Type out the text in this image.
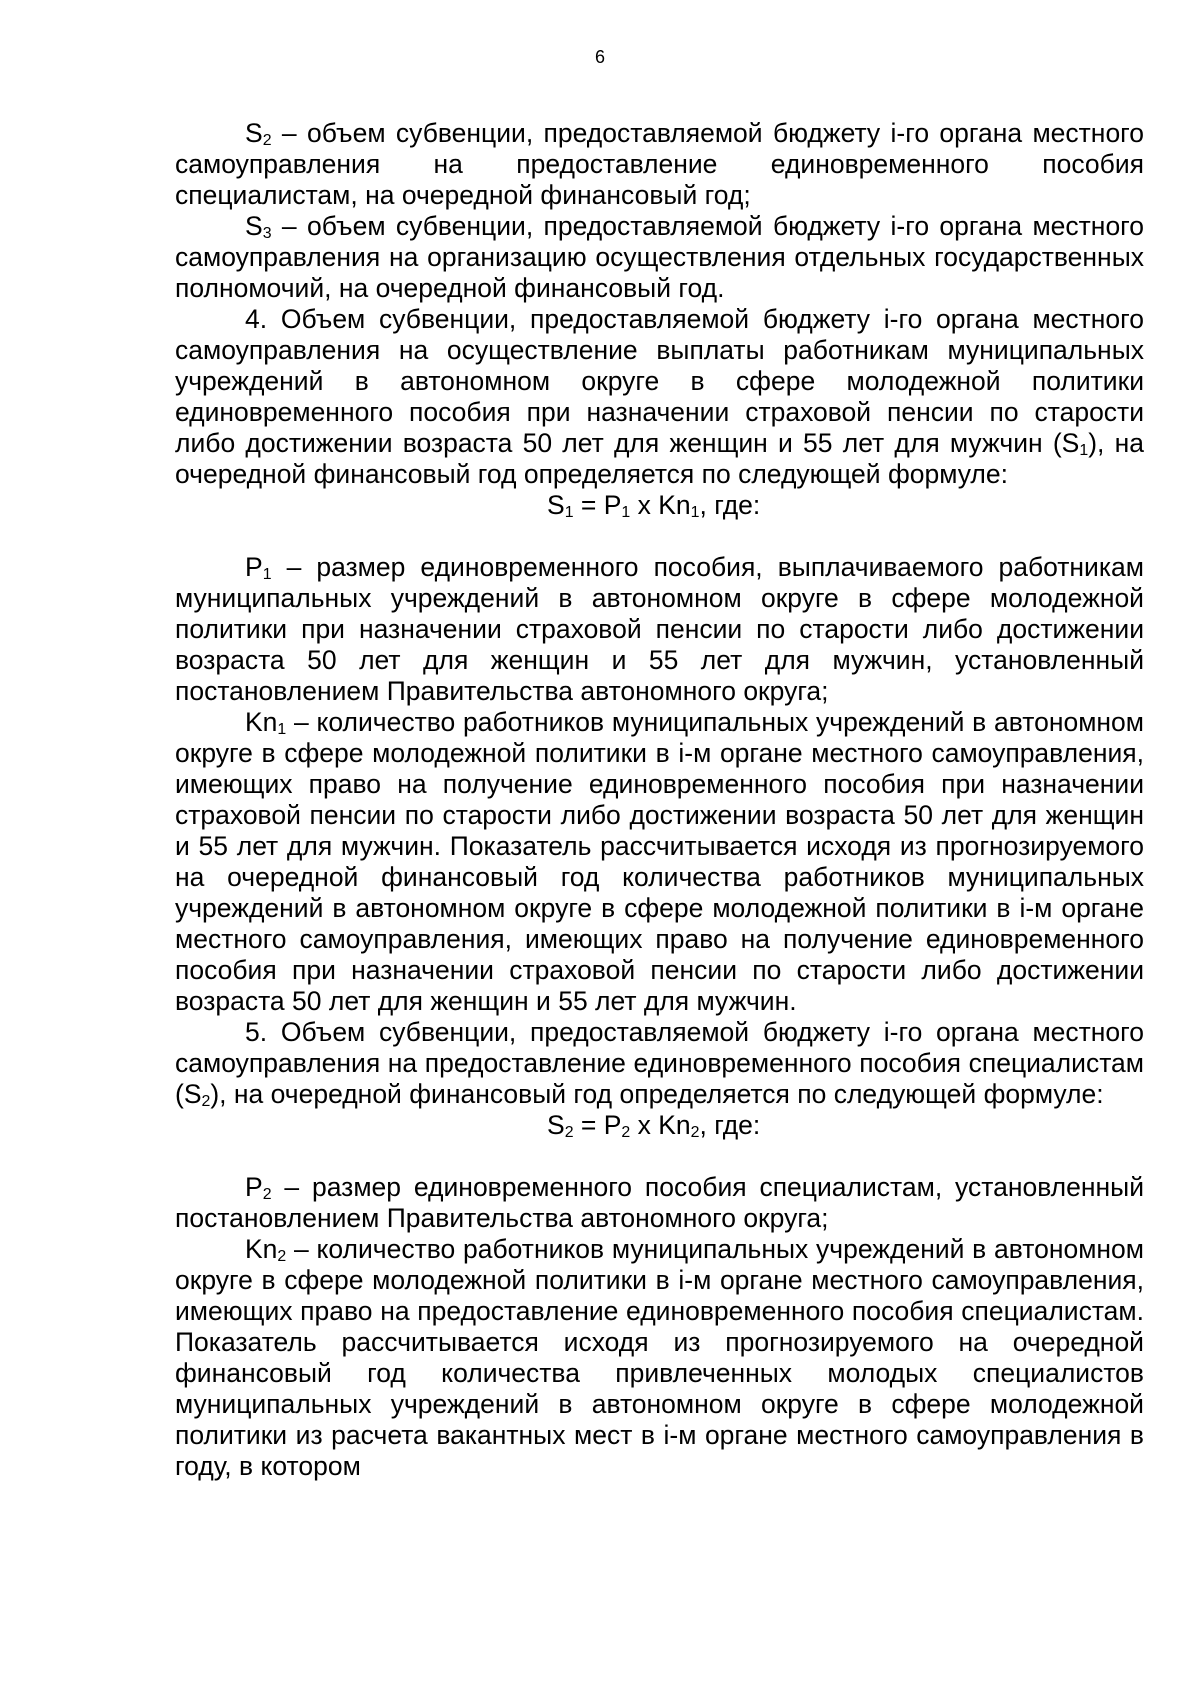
6

$S_2$ – объем субвенции, предоставляемой бюджету i-го органа местного самоуправления на предоставление единовременного пособия специалистам, на очередной финансовый год;

$S_3$ – объем субвенции, предоставляемой бюджету i-го органа местного самоуправления на организацию осуществления отдельных государственных полномочий, на очередной финансовый год.

4. Объем субвенции, предоставляемой бюджету i-го органа местного самоуправления на осуществление выплаты работникам муниципальных учреждений в автономном округе в сфере молодежной политики единовременного пособия при назначении страховой пенсии по старости либо достижении возраста 50 лет для женщин и 55 лет для мужчин $(S_1)$, на очередной финансовый год определяется по следующей формуле:

$S_1 = P_1$ х $Kn_1$, где:

$P_1$ – размер единовременного пособия, выплачиваемого работникам муниципальных учреждений в автономном округе в сфере молодежной политики при назначении страховой пенсии по старости либо достижении возраста 50 лет для женщин и 55 лет для мужчин, установленный постановлением Правительства автономного округа;

$Kn_1$ – количество работников муниципальных учреждений в автономном округе в сфере молодежной политики в i-м органе местного самоуправления, имеющих право на получение единовременного пособия при назначении страховой пенсии по старости либо достижении возраста 50 лет для женщин и 55 лет для мужчин. Показатель рассчитывается исходя из прогнозируемого на очередной финансовый год количества работников муниципальных учреждений в автономном округе в сфере молодежной политики в i-м органе местного самоуправления, имеющих право на получение единовременного пособия при назначении страховой пенсии по старости либо достижении возраста 50 лет для женщин и 55 лет для мужчин.

5. Объем субвенции, предоставляемой бюджету i-го органа местного самоуправления на предоставление единовременного пособия специалистам $(S_2)$, на очередной финансовый год определяется по следующей формуле:

$S_2 = P_2$ х $Kn_2$, где:

$P_2$ – размер единовременного пособия специалистам, установленный постановлением Правительства автономного округа;

$Kn_2$ – количество работников муниципальных учреждений в автономном округе в сфере молодежной политики в i-м органе местного самоуправления, имеющих право на предоставление единовременного пособия специалистам. Показатель рассчитывается исходя из прогнозируемого на очередной финансовый год количества привлеченных молодых специалистов муниципальных учреждений в автономном округе в сфере молодежной политики из расчета вакантных мест в i-м органе местного самоуправления в году, в котором
